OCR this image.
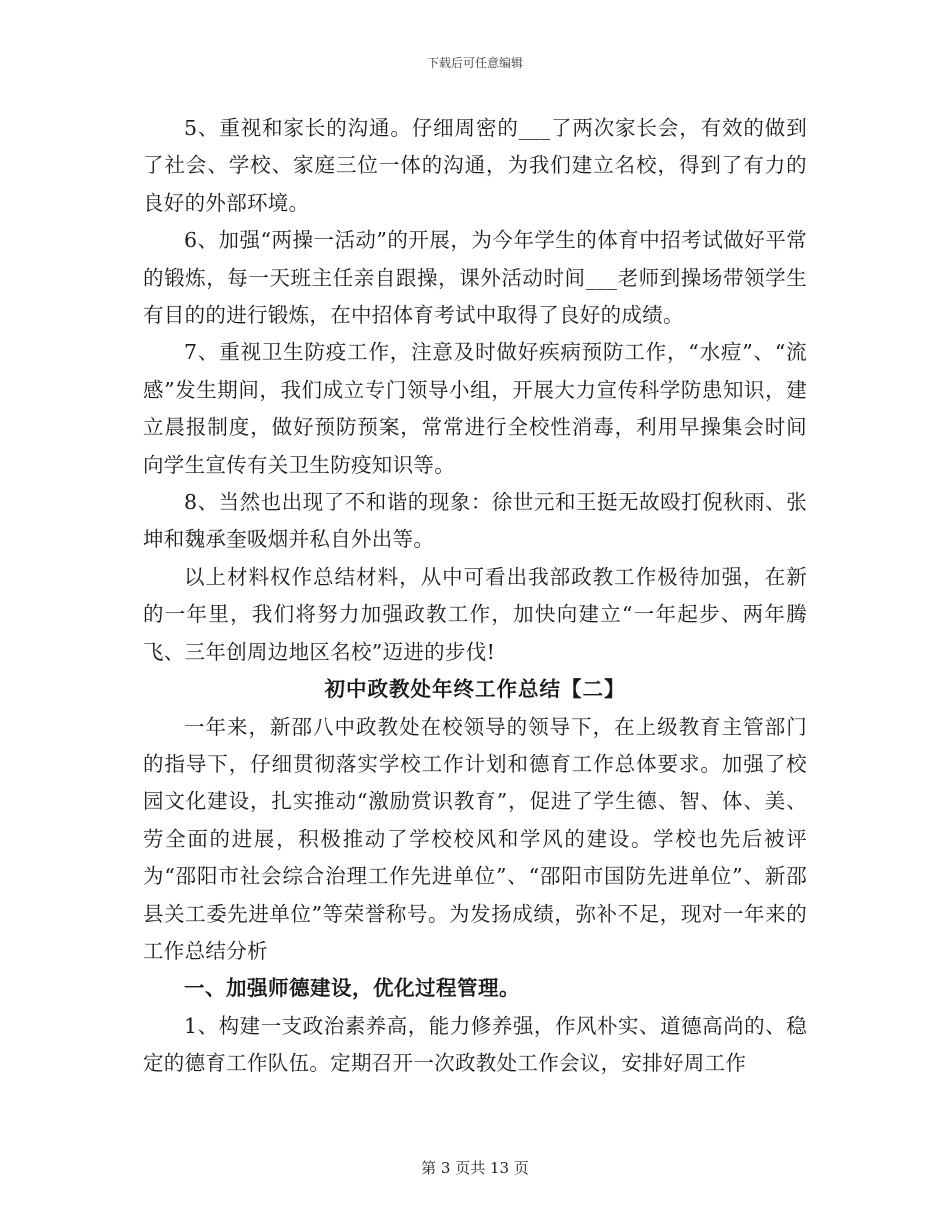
下载后可任意编辑

5、重视和家长的沟通。仔细周密的___了两次家长会，有效的做到了社会、学校、家庭三位一体的沟通，为我们建立名校，得到了有力的良好的外部环境。

6、加强“两操一活动”的开展，为今年学生的体育中招考试做好平常的锻炼，每一天班主任亲自跟操，课外活动时间___老师到操场带领学生有目的的进行锻炼，在中招体育考试中取得了良好的成绩。

7、重视卫生防疫工作，注意及时做好疾病预防工作，“水痘”、“流感”发生期间，我们成立专门领导小组，开展大力宣传科学防患知识，建立晨报制度，做好预防预案，常常进行全校性消毒，利用早操集会时间向学生宣传有关卫生防疫知识等。

8、当然也出现了不和谐的现象：徐世元和王挺无故殴打倪秋雨、张坤和魏承奎吸烟并私自外出等。

以上材料权作总结材料，从中可看出我部政教工作极待加强，在新的一年里，我们将努力加强政教工作，加快向建立“一年起步、两年腾飞、三年创周边地区名校”迈进的步伐!

初中政教处年终工作总结【二】

一年来，新邵八中政教处在校领导的领导下，在上级教育主管部门的指导下，仔细贯彻落实学校工作计划和德育工作总体要求。加强了校园文化建设，扎实推动“激励赏识教育”，促进了学生德、智、体、美、劳全面的进展，积极推动了学校校风和学风的建设。学校也先后被评为“邵阳市社会综合治理工作先进单位”、“邵阳市国防先进单位”、新邵县关工委先进单位”等荣誉称号。为发扬成绩，弥补不足，现对一年来的工作总结分析

一、加强师德建设，优化过程管理。

1、构建一支政治素养高，能力修养强，作风朴实、道德高尚的、稳定的德育工作队伍。定期召开一次政教处工作会议，安排好周工作

第 3 页共 13 页
